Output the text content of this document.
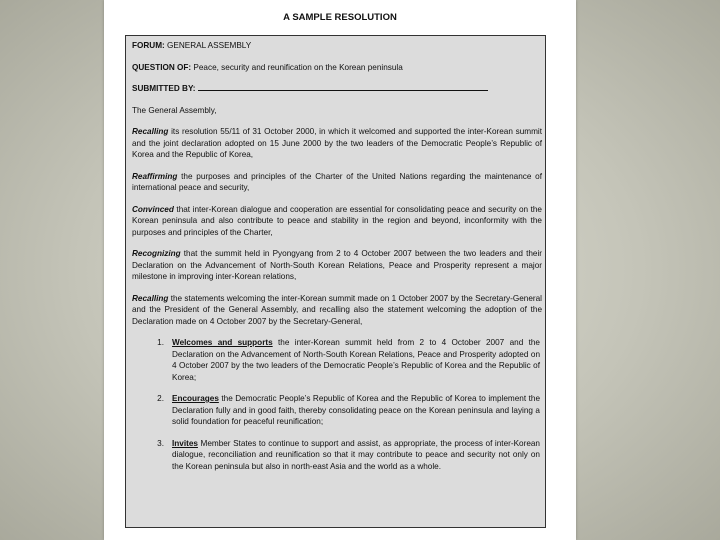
A SAMPLE RESOLUTION
FORUM: GENERAL ASSEMBLY
QUESTION OF: Peace, security and reunification on the Korean peninsula
SUBMITTED BY:
The General Assembly,
Recalling its resolution 55/11 of 31 October 2000, in which it welcomed and supported the inter-Korean summit and the joint declaration adopted on 15 June 2000 by the two leaders of the Democratic People’s Republic of Korea and the Republic of Korea,
Reaffirming the purposes and principles of the Charter of the United Nations regarding the maintenance of international peace and security,
Convinced that inter-Korean dialogue and cooperation are essential for consolidating peace and security on the Korean peninsula and also contribute to peace and stability in the region and beyond, inconformity with the purposes and principles of the Charter,
Recognizing that the summit held in Pyongyang from 2 to 4 October 2007 between the two leaders and their Declaration on the Advancement of North-South Korean Relations, Peace and Prosperity represent a major milestone in improving inter-Korean relations,
Recalling the statements welcoming the inter-Korean summit made on 1 October 2007 by the Secretary-General and the President of the General Assembly, and recalling also the statement welcoming the adoption of the Declaration made on 4 October 2007 by the Secretary-General,
1. Welcomes and supports the inter-Korean summit held from 2 to 4 October 2007 and the Declaration on the Advancement of North-South Korean Relations, Peace and Prosperity adopted on 4 October 2007 by the two leaders of the Democratic People’s Republic of Korea and the Republic of Korea;
2. Encourages the Democratic People’s Republic of Korea and the Republic of Korea to implement the Declaration fully and in good faith, thereby consolidating peace on the Korean peninsula and laying a solid foundation for peaceful reunification;
3. Invites Member States to continue to support and assist, as appropriate, the process of inter-Korean dialogue, reconciliation and reunification so that it may contribute to peace and security not only on the Korean peninsula but also in north-east Asia and the world as a whole.
